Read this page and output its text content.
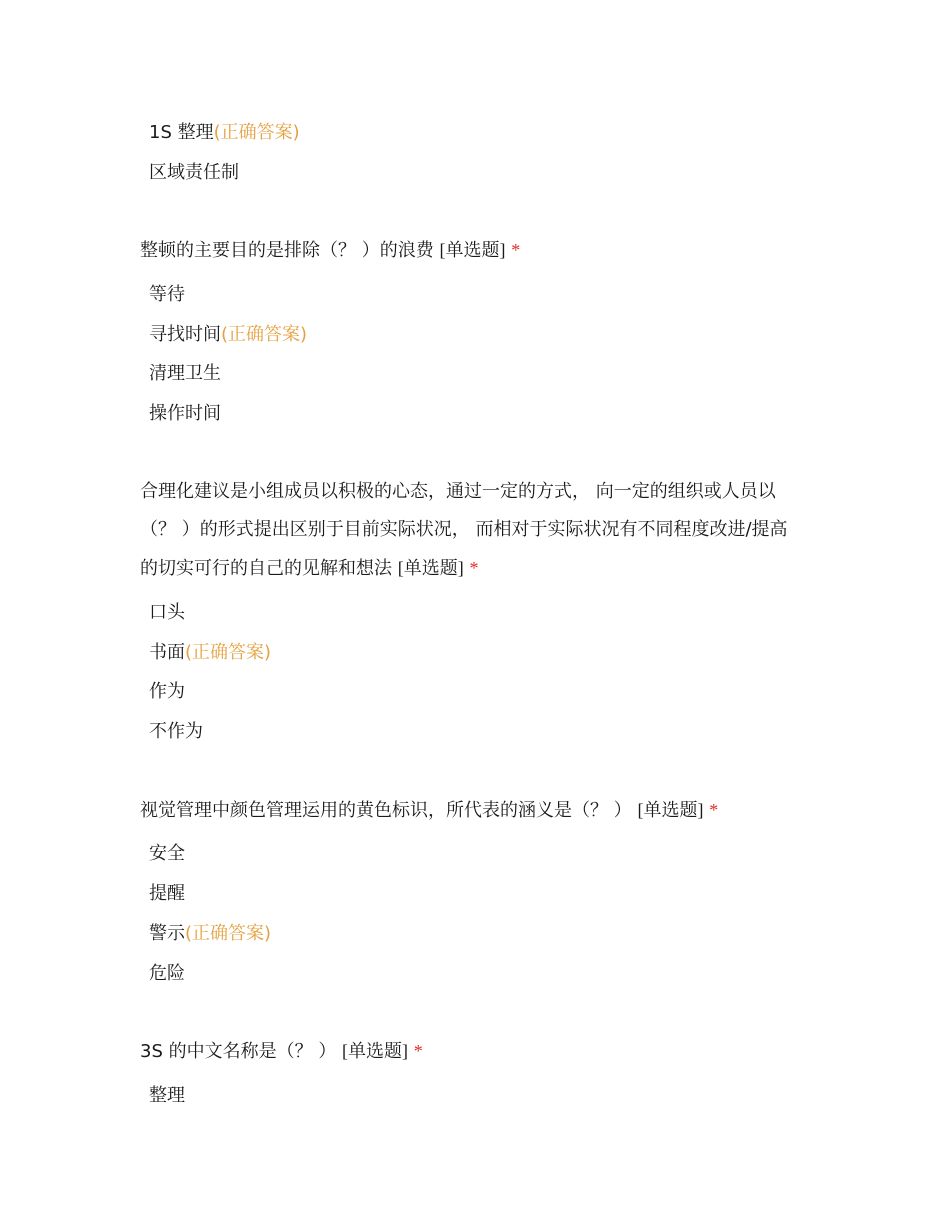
1S 整理(正确答案)
区域责任制
整顿的主要目的是排除（？ ）的浪费 [单选题] *
等待
寻找时间(正确答案)
清理卫生
操作时间
合理化建议是小组成员以积极的心态，通过一定的方式， 向一定的组织或人员以
（？ ）的形式提出区别于目前实际状况， 而相对于实际状况有不同程度改进/提高
的切实可行的自己的见解和想法 [单选题] *
口头
书面(正确答案)
作为
不作为
视觉管理中颜色管理运用的黄色标识，所代表的涵义是（？ ） [单选题] *
安全
提醒
警示(正确答案)
危险
3S 的中文名称是（？ ） [单选题] *
整理
